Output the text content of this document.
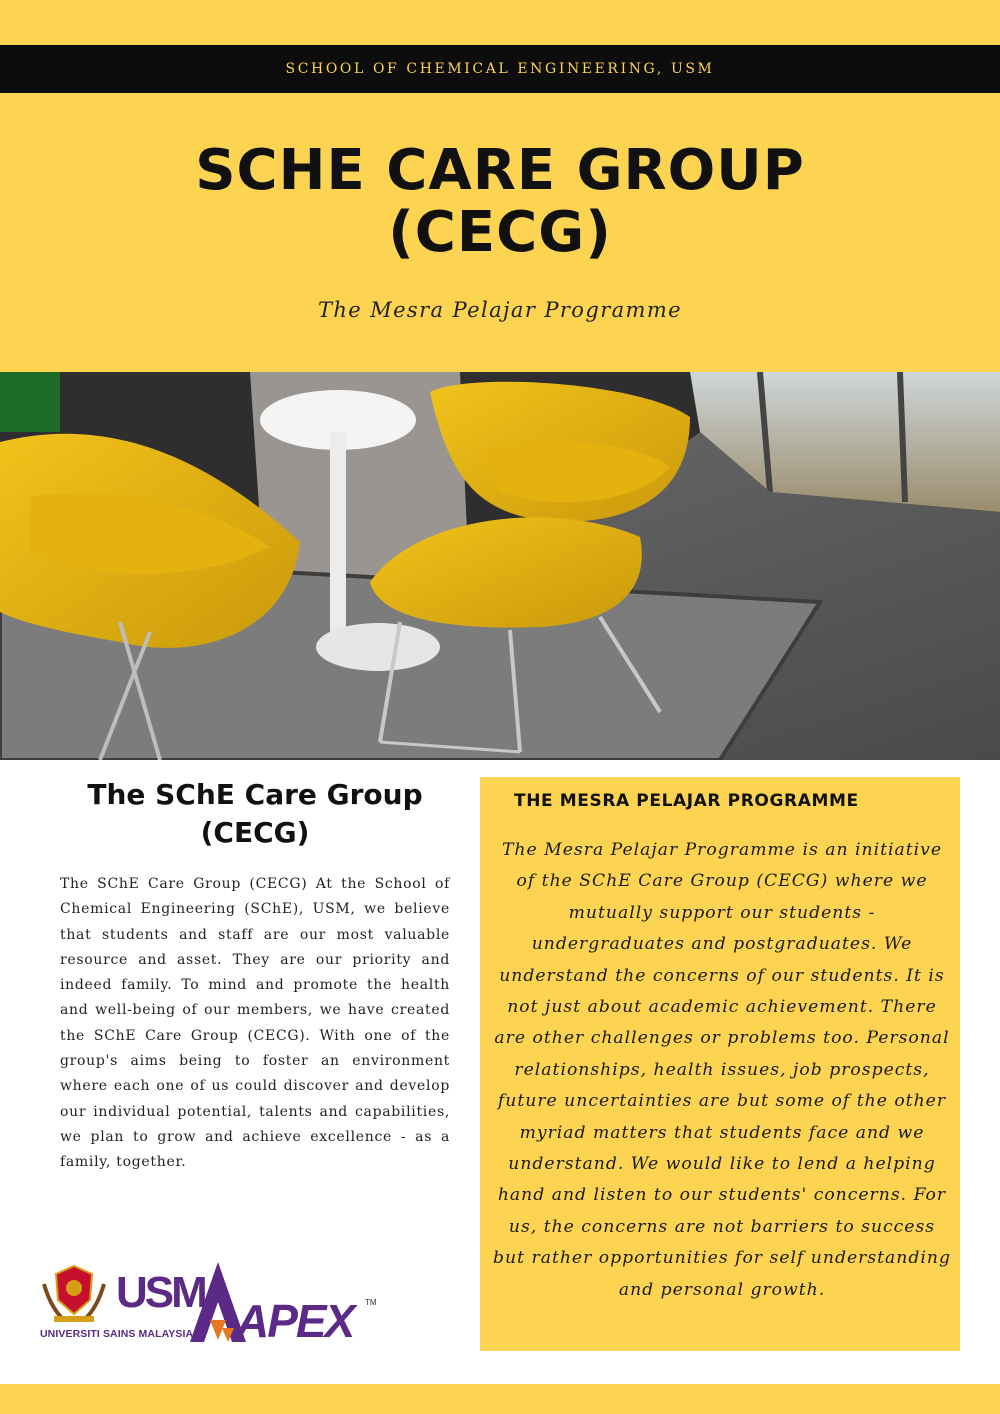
SCHOOL OF CHEMICAL ENGINEERING, USM
SCHE CARE GROUP
(CECG)
The Mesra Pelajar Programme
The SChE Care Group
(CECG)
The SChE Care Group (CECG) At the School of Chemical Engineering (SChE), USM, we believe that students and staff are our most valuable resource and asset. They are our priority and indeed family. To mind and promote the health and well-being of our members, we have created the SChE Care Group (CECG). With one of the group's aims being to foster an environment where each one of us could discover and develop our individual potential, talents and capabilities, we plan to grow and achieve excellence - as a family, together.
THE MESRA PELAJAR PROGRAMME
The Mesra Pelajar Programme is an initiative of the SChE Care Group (CECG) where we mutually support our students - undergraduates and postgraduates. We understand the concerns of our students. It is not just about academic achievement. There are other challenges or problems too. Personal relationships, health issues, job prospects, future uncertainties are but some of the other myriad matters that students face and we understand. We would like to lend a helping hand and listen to our students' concerns. For us, the concerns are not barriers to success but rather opportunities for self understanding and personal growth.
USM
UNIVERSITI SAINS MALAYSIA APEX TM
